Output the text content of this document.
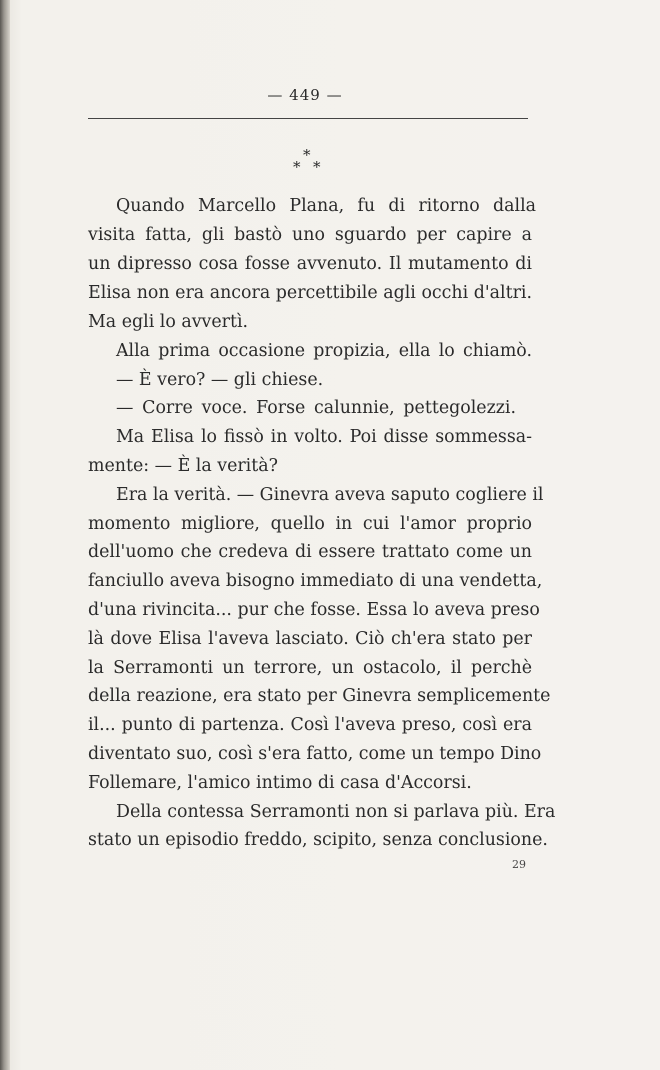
— 449 —
*
* *
Quando Marcello Plana, fu di ritorno dalla
visita fatta, gli bastò uno sguardo per capire a
un dipresso cosa fosse avvenuto. Il mutamento di
Elisa non era ancora percettibile agli occhi d'altri.
Ma egli lo avvertì.
Alla prima occasione propizia, ella lo chiamò.
— È vero? — gli chiese.
— Corre voce. Forse calunnie, pettegolezzi.
Ma Elisa lo fissò in volto. Poi disse sommessa-
mente: — È la verità?
Era la verità. — Ginevra aveva saputo cogliere il
momento migliore, quello in cui l'amor proprio
dell'uomo che credeva di essere trattato come un
fanciullo aveva bisogno immediato di una vendetta,
d'una rivincita... pur che fosse. Essa lo aveva preso
là dove Elisa l'aveva lasciato. Ciò ch'era stato per
la Serramonti un terrore, un ostacolo, il perchè
della reazione, era stato per Ginevra semplicemente
il... punto di partenza. Così l'aveva preso, così era
diventato suo, così s'era fatto, come un tempo Dino
Follemare, l'amico intimo di casa d'Accorsi.
Della contessa Serramonti non si parlava più. Era
stato un episodio freddo, scipito, senza conclusione.
29
